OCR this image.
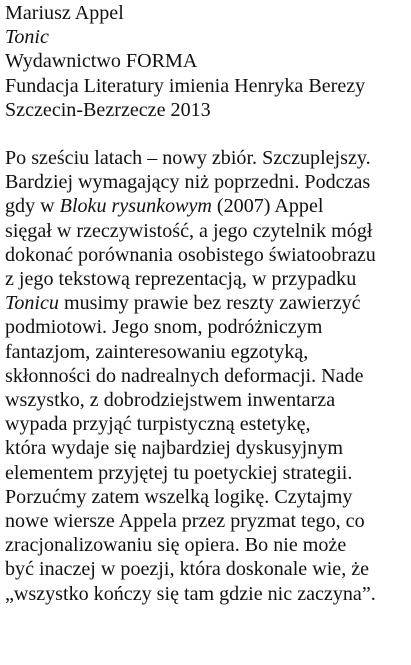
Mariusz Appel
Tonic
Wydawnictwo FORMA
Fundacja Literatury imienia Henryka Berezy
Szczecin-Bezrzecze 2013
Po sześciu latach – nowy zbiór. Szczuplejszy.
Bardziej wymagający niż poprzedni. Podczas
gdy w Bloku rysunkowym (2007) Appel
sięgał w rzeczywistość, a jego czytelnik mógł
dokonać porównania osobistego światoobrazu
z jego tekstową reprezentacją, w przypadku
Tonicu musimy prawie bez reszty zawierzyć
podmiotowi. Jego snom, podróżniczym
fantazjom, zainteresowaniu egzotyką,
skłonności do nadrealnych deformacji. Nade
wszystko, z dobrodziejstwem inwentarza
wypada przyjąć turpistyczną estetykę,
która wydaje się najbardziej dyskusyjnym
elementem przyjętej tu poetyckiej strategii.
Porzućmy zatem wszelką logikę. Czytajmy
nowe wiersze Appela przez pryzmat tego, co
zracjonalizowaniu się opiera. Bo nie może
być inaczej w poezji, która doskonale wie, że
„wszystko kończy się tam gdzie nic zaczyna”.
